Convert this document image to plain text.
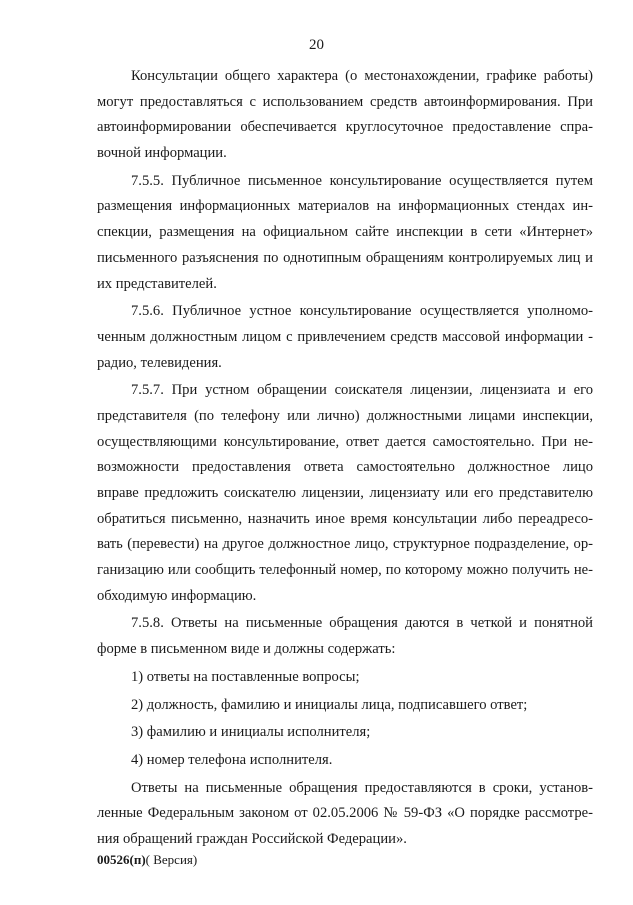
20
Консультации общего характера (о местонахождении, графике работы)
могут предоставляться с использованием средств автоинформирования. При
автоинформировании обеспечивается круглосуточное предоставление спра-
вочной информации.
7.5.5. Публичное письменное консультирование осуществляется путем
размещения информационных материалов на информационных стендах ин-
спекции, размещения на официальном сайте инспекции в сети «Интернет»
письменного разъяснения по однотипным обращениям контролируемых лиц и
их представителей.
7.5.6. Публичное устное консультирование осуществляется уполномо-
ченным должностным лицом с привлечением средств массовой информации -
радио, телевидения.
7.5.7. При устном обращении соискателя лицензии, лицензиата и его
представителя (по телефону или лично) должностными лицами инспекции,
осуществляющими консультирование, ответ дается самостоятельно. При не-
возможности предоставления ответа самостоятельно должностное лицо
вправе предложить соискателю лицензии, лицензиату или его представителю
обратиться письменно, назначить иное время консультации либо переадресо-
вать (перевести) на другое должностное лицо, структурное подразделение, ор-
ганизацию или сообщить телефонный номер, по которому можно получить не-
обходимую информацию.
7.5.8. Ответы на письменные обращения даются в четкой и понятной
форме в письменном виде и должны содержать:
1) ответы на поставленные вопросы;
2) должность, фамилию и инициалы лица, подписавшего ответ;
3) фамилию и инициалы исполнителя;
4) номер телефона исполнителя.
Ответы на письменные обращения предоставляются в сроки, установ-
ленные Федеральным законом от 02.05.2006 № 59-ФЗ «О порядке рассмотре-
ния обращений граждан Российской Федерации».
00526(п)( Версия)
